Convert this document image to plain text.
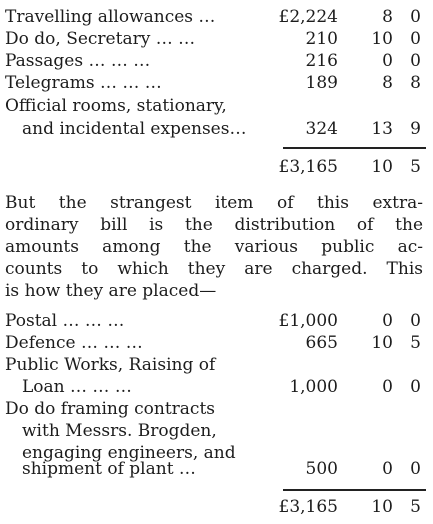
Travelling allowances …	£2,224	8	0
Do do, Secretary … …	210	10	0
Passages … … …	216	0	0
Telegrams … … …	189	8	8
Official rooms, stationary,
and incidental expenses…	324	13	9
£3,165	10	5
But the strangest item of this extra-
ordinary bill is the distribution of the
amounts among the various public ac-
counts to which they are charged. This
is how they are placed—
Postal … … …	£1,000	0	0
Defence … … …	665	10	5
Public Works, Raising of
Loan … … …	1,000	0	0
Do do framing contracts
with Messrs. Brogden,
engaging engineers, and
shipment of plant …	500	0	0
£3,165	10	5
